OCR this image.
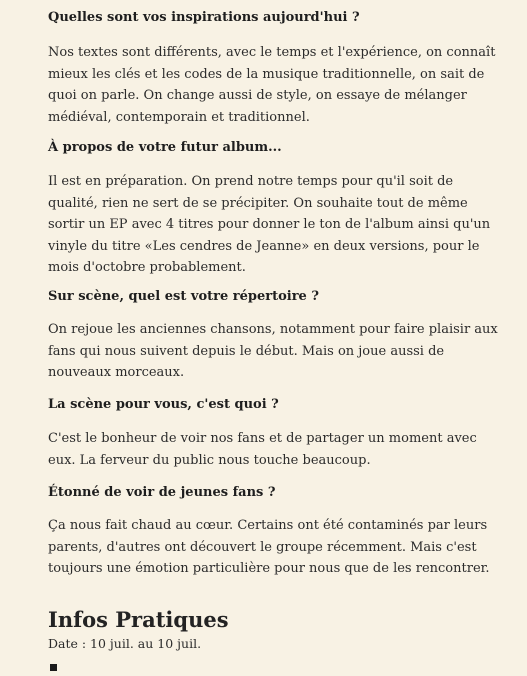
Quelles sont vos inspirations aujourd'hui ?

Nos textes sont différents, avec le temps et l'expérience, on connaît mieux les clés et les codes de la musique traditionnelle, on sait de quoi on parle. On change aussi de style, on essaye de mélanger médiéval, contemporain et traditionnel.

À propos de votre futur album...

Il est en préparation. On prend notre temps pour qu'il soit de qualité, rien ne sert de se précipiter. On souhaite tout de même sortir un EP avec 4 titres pour donner le ton de l'album ainsi qu'un vinyle du titre «Les cendres de Jeanne» en deux versions, pour le mois d'octobre probablement.

Sur scène, quel est votre répertoire ?

On rejoue les anciennes chansons, notamment pour faire plaisir aux fans qui nous suivent depuis le début. Mais on joue aussi de nouveaux morceaux.

La scène pour vous, c'est quoi ?

C'est le bonheur de voir nos fans et de partager un moment avec eux. La ferveur du public nous touche beaucoup.

Étonné de voir de jeunes fans ?

Ça nous fait chaud au cœur. Certains ont été contaminés par leurs parents, d'autres ont découvert le groupe récemment. Mais c'est toujours une émotion particulière pour nous que de les rencontrer.

Infos Pratiques

Date : 10 juil. au 10 juil.
